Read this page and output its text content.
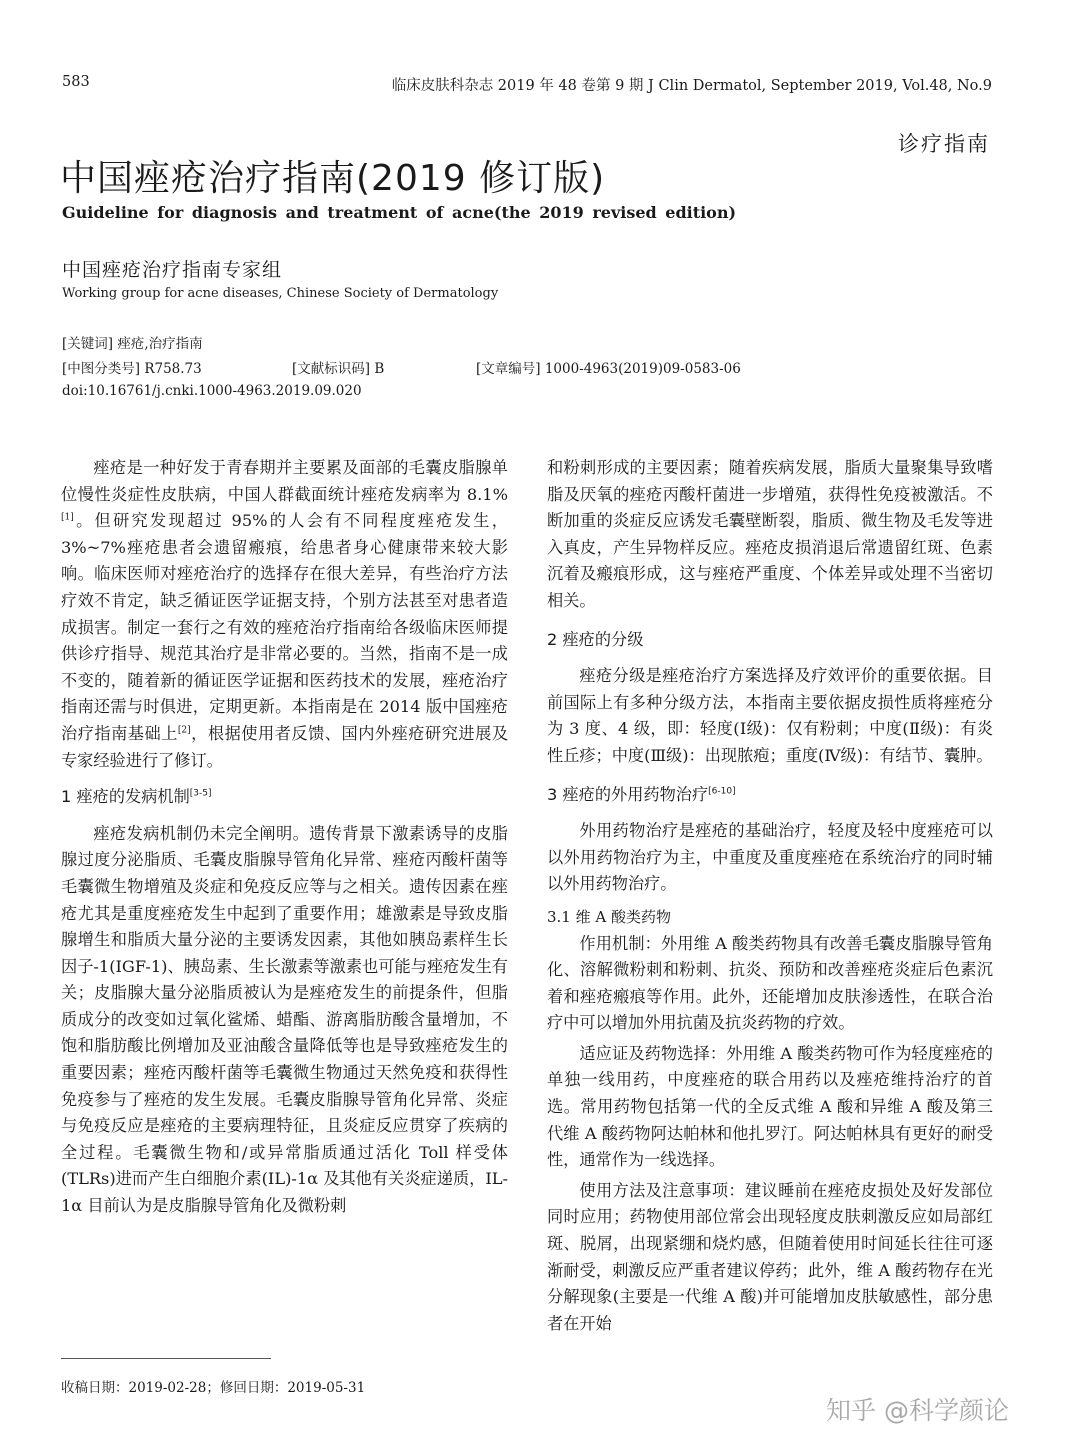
583	临床皮肤科杂志 2019 年 48 卷第 9 期 J Clin Dermatol, September 2019, Vol.48, No.9
诊疗指南
中国痤疮治疗指南(2019 修订版)
Guideline for diagnosis and treatment of acne(the 2019 revised edition)
中国痤疮治疗指南专家组
Working group for acne diseases, Chinese Society of Dermatology
[关键词] 痤疮,治疗指南
[中图分类号] R758.73	[文献标识码] B	[文章编号] 1000-4963(2019)09-0583-06
doi:10.16761/j.cnki.1000-4963.2019.09.020

痤疮是一种好发于青春期并主要累及面部的毛囊皮脂腺单位慢性炎症性皮肤病，中国人群截面统计痤疮发病率为 8.1%[1]。但研究发现超过 95%的人会有不同程度痤疮发生，3%~7%痤疮患者会遗留瘢痕，给患者身心健康带来较大影响。临床医师对痤疮治疗的选择存在很大差异，有些治疗方法疗效不肯定，缺乏循证医学证据支持，个别方法甚至对患者造成损害。制定一套行之有效的痤疮治疗指南给各级临床医师提供诊疗指导、规范其治疗是非常必要的。当然，指南不是一成不变的，随着新的循证医学证据和医药技术的发展，痤疮治疗指南还需与时俱进，定期更新。本指南是在 2014 版中国痤疮治疗指南基础上[2]，根据使用者反馈、国内外痤疮研究进展及专家经验进行了修订。

1 痤疮的发病机制[3-5]

痤疮发病机制仍未完全阐明。遗传背景下激素诱导的皮脂腺过度分泌脂质、毛囊皮脂腺导管角化异常、痤疮丙酸杆菌等毛囊微生物增殖及炎症和免疫反应等与之相关。遗传因素在痤疮尤其是重度痤疮发生中起到了重要作用；雄激素是导致皮脂腺增生和脂质大量分泌的主要诱发因素，其他如胰岛素样生长因子-1(IGF-1)、胰岛素、生长激素等激素也可能与痤疮发生有关；皮脂腺大量分泌脂质被认为是痤疮发生的前提条件，但脂质成分的改变如过氧化鲨烯、蜡酯、游离脂肪酸含量增加，不饱和脂肪酸比例增加及亚油酸含量降低等也是导致痤疮发生的重要因素；痤疮丙酸杆菌等毛囊微生物通过天然免疫和获得性免疫参与了痤疮的发生发展。毛囊皮脂腺导管角化异常、炎症与免疫反应是痤疮的主要病理特征，且炎症反应贯穿了疾病的全过程。毛囊微生物和/或异常脂质通过活化 Toll 样受体(TLRs)进而产生白细胞介素(IL)-1α 及其他有关炎症递质，IL-1α 目前认为是皮脂腺导管角化及微粉刺

和粉刺形成的主要因素；随着疾病发展，脂质大量聚集导致嗜脂及厌氧的痤疮丙酸杆菌进一步增殖，获得性免疫被激活。不断加重的炎症反应诱发毛囊壁断裂，脂质、微生物及毛发等进入真皮，产生异物样反应。痤疮皮损消退后常遗留红斑、色素沉着及瘢痕形成，这与痤疮严重度、个体差异或处理不当密切相关。

2 痤疮的分级

痤疮分级是痤疮治疗方案选择及疗效评价的重要依据。目前国际上有多种分级方法，本指南主要依据皮损性质将痤疮分为 3 度、4 级，即：轻度(Ⅰ级)：仅有粉刺；中度(Ⅱ级)：有炎性丘疹；中度(Ⅲ级)：出现脓疱；重度(Ⅳ级)：有结节、囊肿。

3 痤疮的外用药物治疗[6-10]

外用药物治疗是痤疮的基础治疗，轻度及轻中度痤疮可以以外用药物治疗为主，中重度及重度痤疮在系统治疗的同时辅以外用药物治疗。

3.1 维 A 酸类药物

作用机制：外用维 A 酸类药物具有改善毛囊皮脂腺导管角化、溶解微粉刺和粉刺、抗炎、预防和改善痤疮炎症后色素沉着和痤疮瘢痕等作用。此外，还能增加皮肤渗透性，在联合治疗中可以增加外用抗菌及抗炎药物的疗效。

适应证及药物选择：外用维 A 酸类药物可作为轻度痤疮的单独一线用药，中度痤疮的联合用药以及痤疮维持治疗的首选。常用药物包括第一代的全反式维 A 酸和异维 A 酸及第三代维 A 酸药物阿达帕林和他扎罗汀。阿达帕林具有更好的耐受性，通常作为一线选择。

使用方法及注意事项：建议睡前在痤疮皮损处及好发部位同时应用；药物使用部位常会出现轻度皮肤刺激反应如局部红斑、脱屑，出现紧绷和烧灼感，但随着使用时间延长往往可逐渐耐受，刺激反应严重者建议停药；此外，维 A 酸药物存在光分解现象(主要是一代维 A 酸)并可能增加皮肤敏感性，部分患者在开始

收稿日期：2019-02-28；修回日期：2019-05-31
知乎 @科学颜论
